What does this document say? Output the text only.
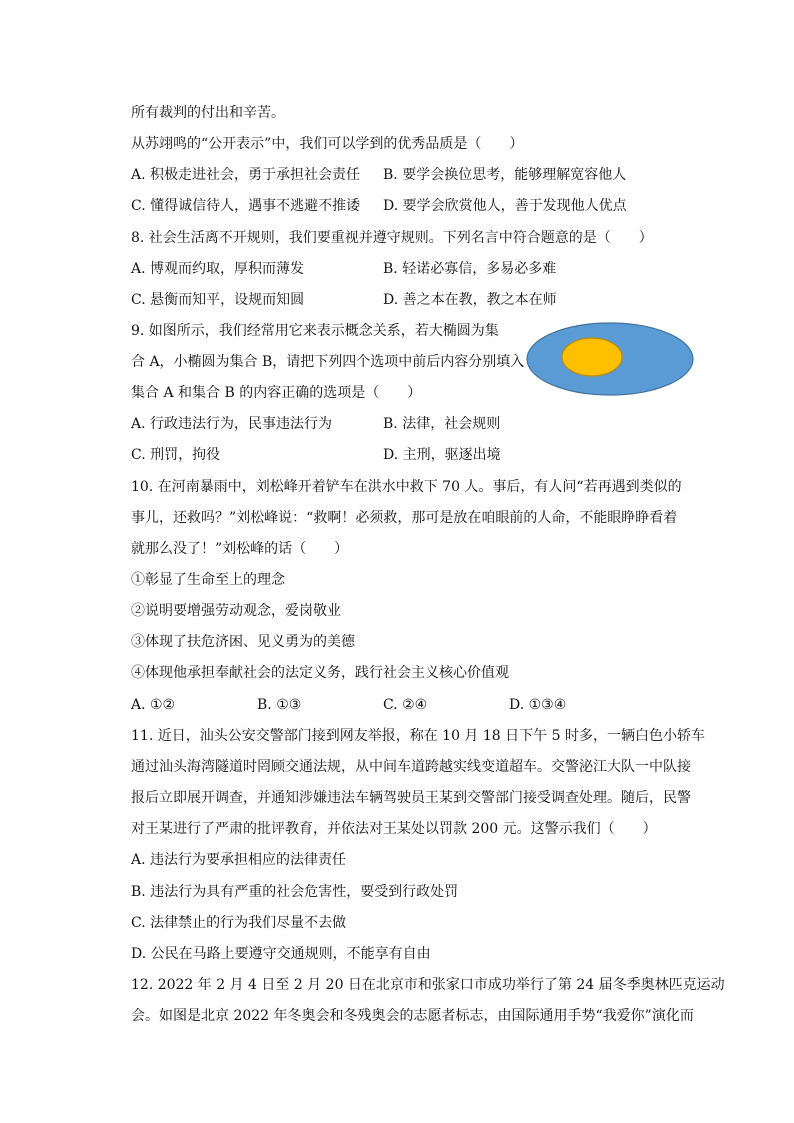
所有裁判的付出和辛苦。
从苏翊鸣的“公开表示”中，我们可以学到的优秀品质是（　　）
A. 积极走进社会，勇于承担社会责任 B. 要学会换位思考，能够理解宽容他人
C. 懂得诚信待人，遇事不逃避不推诿 D. 要学会欣赏他人，善于发现他人优点
8. 社会生活离不开规则，我们要重视并遵守规则。下列名言中符合题意的是（　　）
A. 博观而约取，厚积而薄发	B. 轻诺必寡信，多易必多难
C. 悬衡而知平，设规而知圆	D. 善之本在教，教之本在师
9. 如图所示，我们经常用它来表示概念关系，若大椭圆为集
合 A，小椭圆为集合 B，请把下列四个选项中前后内容分别填入
集合 A 和集合 B 的内容正确的选项是（　　）
A. 行政违法行为，民事违法行为	B. 法律，社会规则
C. 刑罚，拘役	D. 主刑，驱逐出境
10. 在河南暴雨中，刘松峰开着铲车在洪水中救下 70 人。事后，有人问“若再遇到类似的
事儿，还救吗？”刘松峰说：“救啊！必须救，那可是放在咱眼前的人命，不能眼睁睁看着
就那么没了！”刘松峰的话（　　）
①彰显了生命至上的理念
②说明要增强劳动观念，爱岗敬业
③体现了扶危济困、见义勇为的美德
④体现他承担奉献社会的法定义务，践行社会主义核心价值观
A. ①②	B. ①③	C. ②④	D. ①③④
11. 近日，汕头公安交警部门接到网友举报，称在 10 月 18 日下午 5 时多，一辆白色小轿车
通过汕头海湾隧道时罔顾交通法规，从中间车道跨越实线变道超车。交警泌江大队一中队接
报后立即展开调查，并通知涉嫌违法车辆驾驶员王某到交警部门接受调查处理。随后，民警
对王某进行了严肃的批评教育，并依法对王某处以罚款 200 元。这警示我们（　　）
A. 违法行为要承担相应的法律责任
B. 违法行为具有严重的社会危害性，要受到行政处罚
C. 法律禁止的行为我们尽量不去做
D. 公民在马路上要遵守交通规则，不能享有自由
12. 2022 年 2 月 4 日至 2 月 20 日在北京市和张家口市成功举行了第 24 届冬季奥林匹克运动
会。如图是北京 2022 年冬奥会和冬残奥会的志愿者标志，由国际通用手势“我爱你”演化而
